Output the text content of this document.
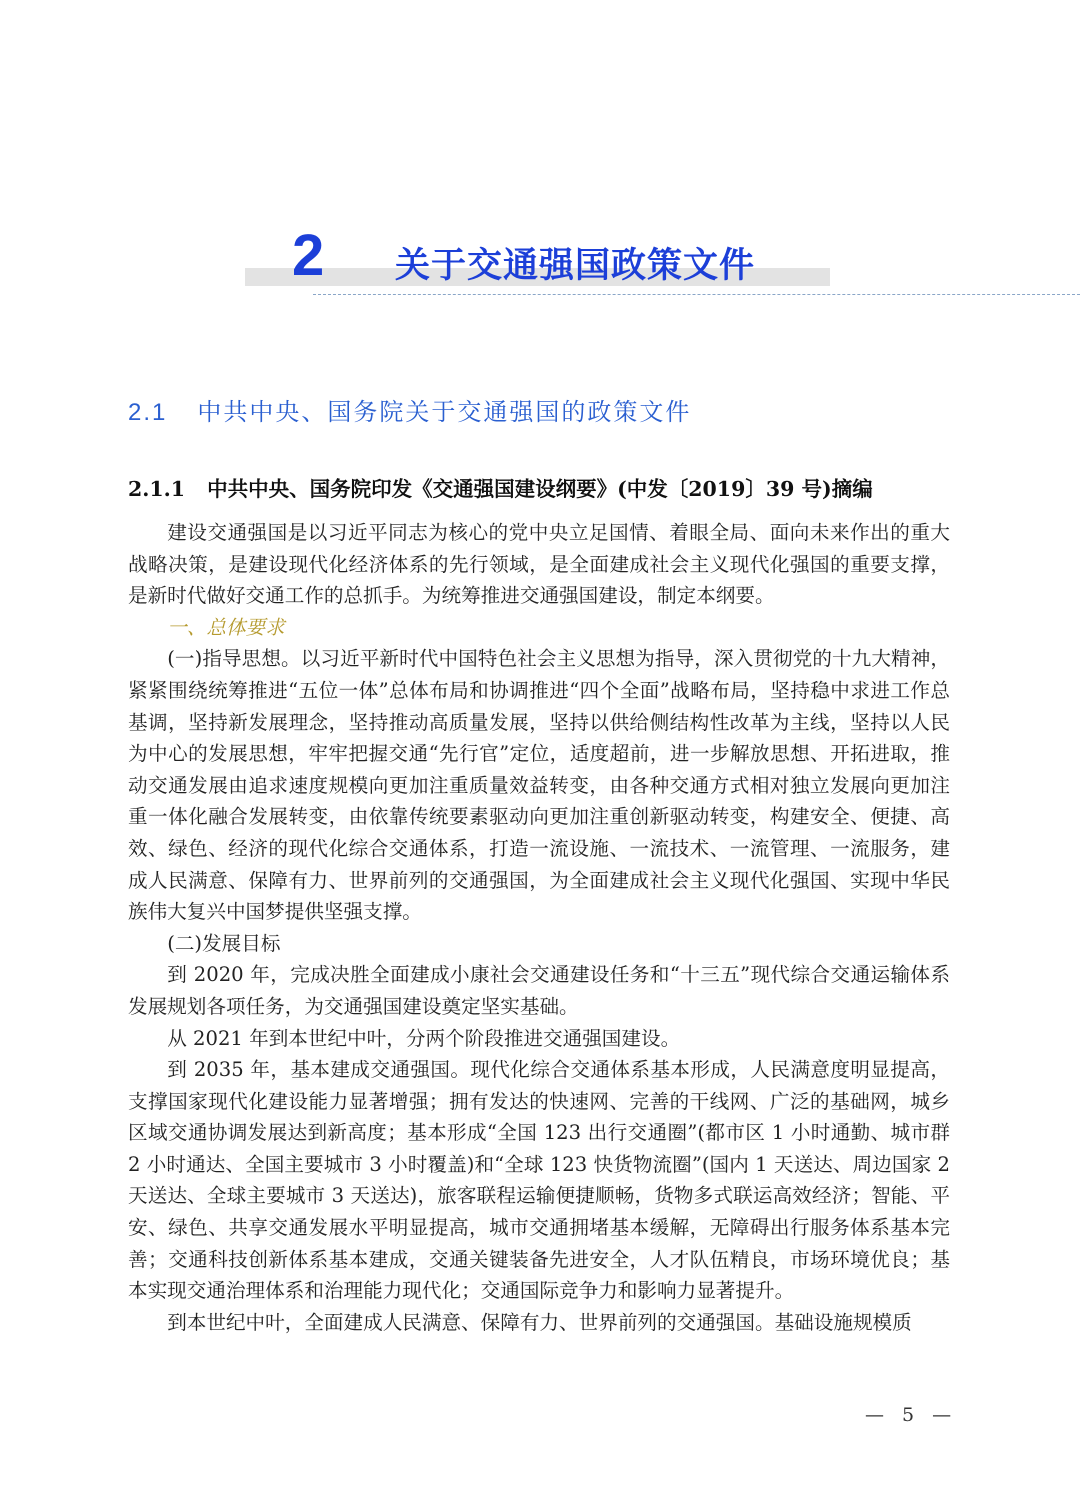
2 关于交通强国政策文件
2.1 中共中央、国务院关于交通强国的政策文件
2.1.1 中共中央、国务院印发《交通强国建设纲要》(中发〔2019〕39 号)摘编

建设交通强国是以习近平同志为核心的党中央立足国情、着眼全局、面向未来作出的重大战略决策，是建设现代化经济体系的先行领域，是全面建成社会主义现代化强国的重要支撑，是新时代做好交通工作的总抓手。为统筹推进交通强国建设，制定本纲要。

一、总体要求

(一)指导思想。以习近平新时代中国特色社会主义思想为指导，深入贯彻党的十九大精神，紧紧围绕统筹推进“五位一体”总体布局和协调推进“四个全面”战略布局，坚持稳中求进工作总基调，坚持新发展理念，坚持推动高质量发展，坚持以供给侧结构性改革为主线，坚持以人民为中心的发展思想，牢牢把握交通“先行官”定位，适度超前，进一步解放思想、开拓进取，推动交通发展由追求速度规模向更加注重质量效益转变，由各种交通方式相对独立发展向更加注重一体化融合发展转变，由依靠传统要素驱动向更加注重创新驱动转变，构建安全、便捷、高效、绿色、经济的现代化综合交通体系，打造一流设施、一流技术、一流管理、一流服务，建成人民满意、保障有力、世界前列的交通强国，为全面建成社会主义现代化强国、实现中华民族伟大复兴中国梦提供坚强支撑。

(二)发展目标

到 2020 年，完成决胜全面建成小康社会交通建设任务和“十三五”现代综合交通运输体系发展规划各项任务，为交通强国建设奠定坚实基础。

从 2021 年到本世纪中叶，分两个阶段推进交通强国建设。

到 2035 年，基本建成交通强国。现代化综合交通体系基本形成，人民满意度明显提高，支撑国家现代化建设能力显著增强；拥有发达的快速网、完善的干线网、广泛的基础网，城乡区域交通协调发展达到新高度；基本形成“全国 123 出行交通圈”(都市区 1 小时通勤、城市群 2 小时通达、全国主要城市 3 小时覆盖)和“全球 123 快货物流圈”(国内 1 天送达、周边国家 2 天送达、全球主要城市 3 天送达)，旅客联程运输便捷顺畅，货物多式联运高效经济；智能、平安、绿色、共享交通发展水平明显提高，城市交通拥堵基本缓解，无障碍出行服务体系基本完善；交通科技创新体系基本建成，交通关键装备先进安全，人才队伍精良，市场环境优良；基本实现交通治理体系和治理能力现代化；交通国际竞争力和影响力显著提升。

到本世纪中叶，全面建成人民满意、保障有力、世界前列的交通强国。基础设施规模质

— 5 —
